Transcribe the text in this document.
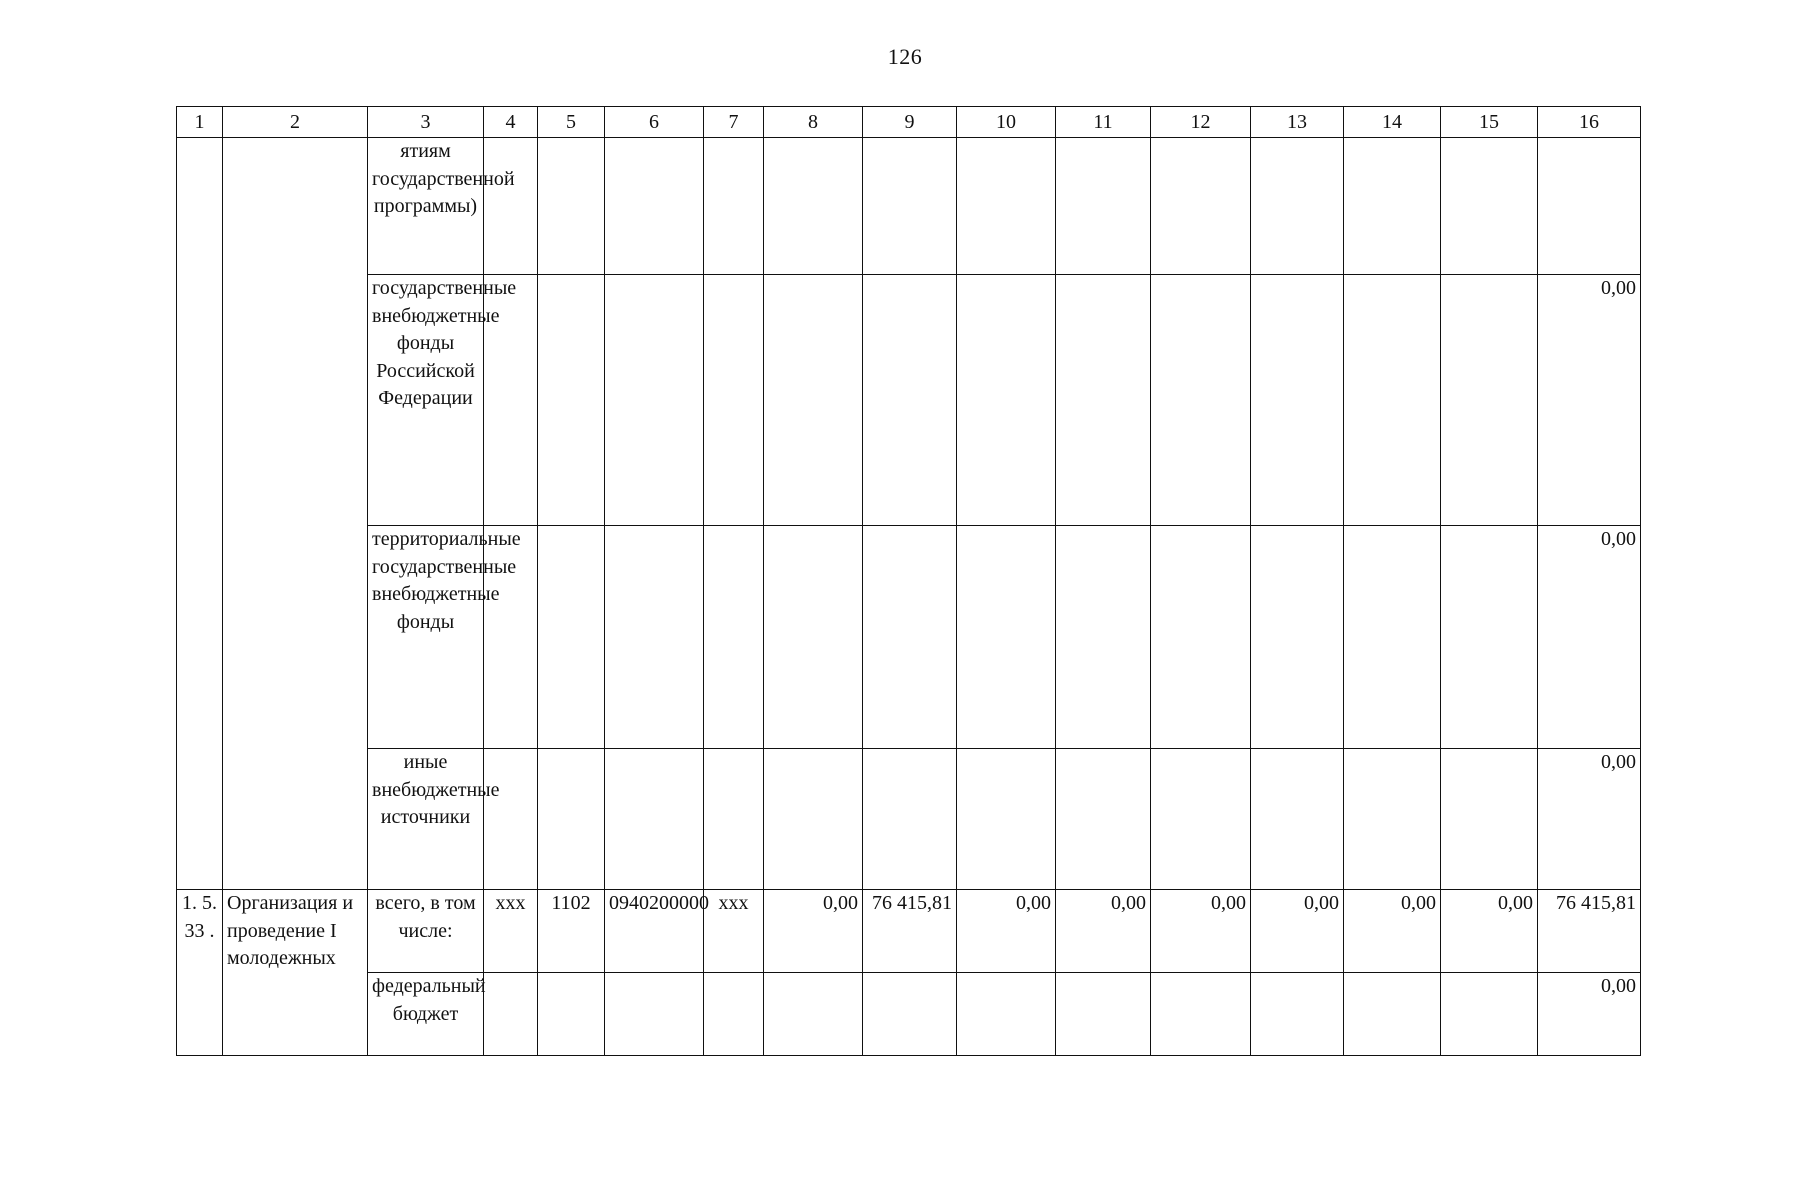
126
1	2	3	4	5	6	7	8	9	10	11	12	13	14	15	16
		ятиям государственной программы)													
		государственные внебюджетные фонды Российской Федерации													0,00
		территориальные государственные внебюджетные фонды													0,00
		иные внебюджетные источники													0,00
1. 5. 33 .	Организация и проведение I молодежных	всего, в том числе:	ххх	1102	0940200000	ххх	0,00	76 415,81	0,00	0,00	0,00	0,00	0,00	0,00	76 415,81
		федеральный бюджет													0,00
